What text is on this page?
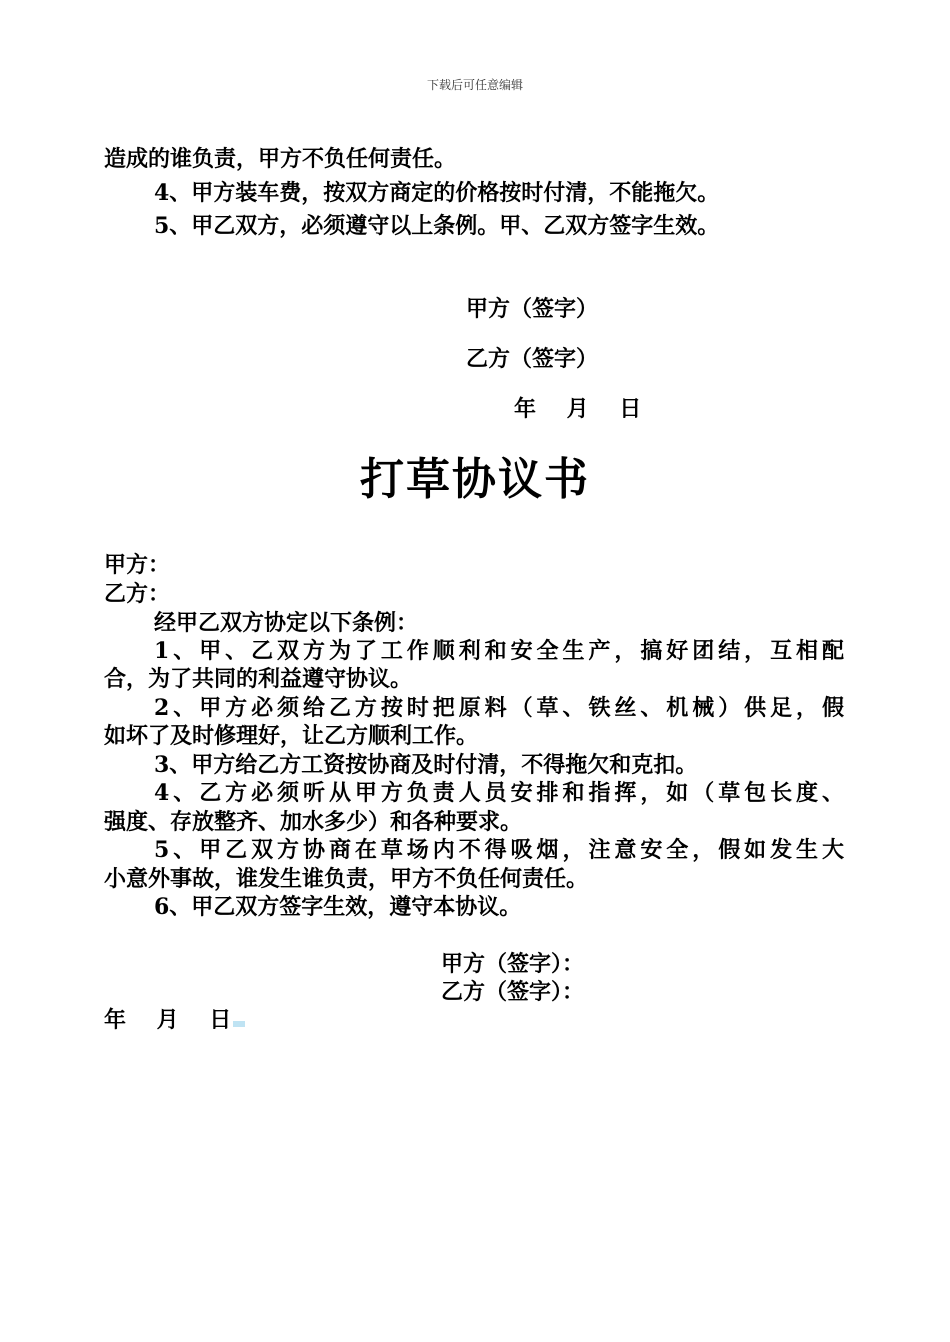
下载后可任意编辑
造成的谁负责，甲方不负任何责任。
4、甲方装车费，按双方商定的价格按时付清，不能拖欠。
5、甲乙双方，必须遵守以上条例。甲、乙双方签字生效。
甲方（签字）
乙方（签字）
年    月    日
打草协议书
甲方：
乙方：
经甲乙双方协定以下条例：
1、甲、乙双方为了工作顺利和安全生产，搞好团结，互相配
合，为了共同的利益遵守协议。
2、甲方必须给乙方按时把原料（草、铁丝、机械）供足，假
如坏了及时修理好，让乙方顺利工作。
3、甲方给乙方工资按协商及时付清，不得拖欠和克扣。
4、乙方必须听从甲方负责人员安排和指挥，如（草包长度、
强度、存放整齐、加水多少）和各种要求。
5、甲乙双方协商在草场内不得吸烟，注意安全，假如发生大
小意外事故，谁发生谁负责，甲方不负任何责任。
6、甲乙双方签字生效，遵守本协议。
甲方（签字）：
乙方（签字）：
年    月    日
